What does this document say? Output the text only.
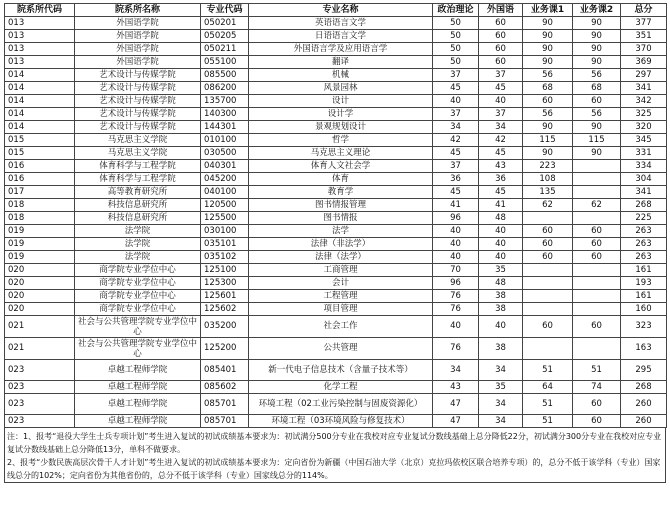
院系所代码	院系所名称	专业代码	专业名称	政治理论	外国语	业务课1	业务课2	总分
013	外国语学院	050201	英语语言文学	50	60	90	90	377
013	外国语学院	050205	日语语言文学	50	60	90	90	351
013	外国语学院	050211	外国语言学及应用语言学	50	60	90	90	370
013	外国语学院	055100	翻译	50	60	90	90	369
014	艺术设计与传媒学院	085500	机械	37	37	56	56	297
014	艺术设计与传媒学院	086200	风景园林	45	45	68	68	341
014	艺术设计与传媒学院	135700	设计	40	40	60	60	342
014	艺术设计与传媒学院	140300	设计学	37	37	56	56	325
014	艺术设计与传媒学院	144301	景观规划设计	34	34	90	90	320
015	马克思主义学院	010100	哲学	42	42	115	115	345
015	马克思主义学院	030500	马克思主义理论	45	45	90	90	331
016	体育科学与工程学院	040301	体育人文社会学	37	43	223		334
016	体育科学与工程学院	045200	体育	36	36	108		304
017	高等教育研究所	040100	教育学	45	45	135		341
018	科技信息研究所	120500	图书情报管理	41	41	62	62	268
018	科技信息研究所	125500	图书情报	96	48			225
019	法学院	030100	法学	40	40	60	60	263
019	法学院	035101	法律（非法学）	40	40	60	60	263
019	法学院	035102	法律（法学）	40	40	60	60	263
020	商学院专业学位中心	125100	工商管理	70	35			161
020	商学院专业学位中心	125300	会计	96	48			193
020	商学院专业学位中心	125601	工程管理	76	38			161
020	商学院专业学位中心	125602	项目管理	76	38			160
021	社会与公共管理学院专业学位中心	035200	社会工作	40	40	60	60	323
021	社会与公共管理学院专业学位中心	125200	公共管理	76	38			163
023	卓越工程师学院	085401	新一代电子信息技术（含量子技术等）	34	34	51	51	295
023	卓越工程师学院	085602	化学工程	43	35	64	74	268
023	卓越工程师学院	085701	环境工程（02工业污染控制与固废资源化）	47	34	51	60	260
023	卓越工程师学院	085701	环境工程（03环境风险与修复技术）	47	34	51	60	260
注：1、报考“退役大学生士兵专项计划”考生进入复试的初试成绩基本要求为：初试满分500分专业在我校对应专业复试分数线基础上总分降低22分，初试满分300分专业在我校对应专业复试分数线基础上总分降低13分，单科不做要求。
2、报考“少数民族高层次骨干人才计划”考生进入复试的初试成绩基本要求为：定向省份为新疆（中国石油大学（北京）克拉玛依校区联合培养专项）的，总分不低于该学科（专业）国家线总分的102%；定向省份为其他省份的，总分不低于该学科（专业）国家线总分的114%。
